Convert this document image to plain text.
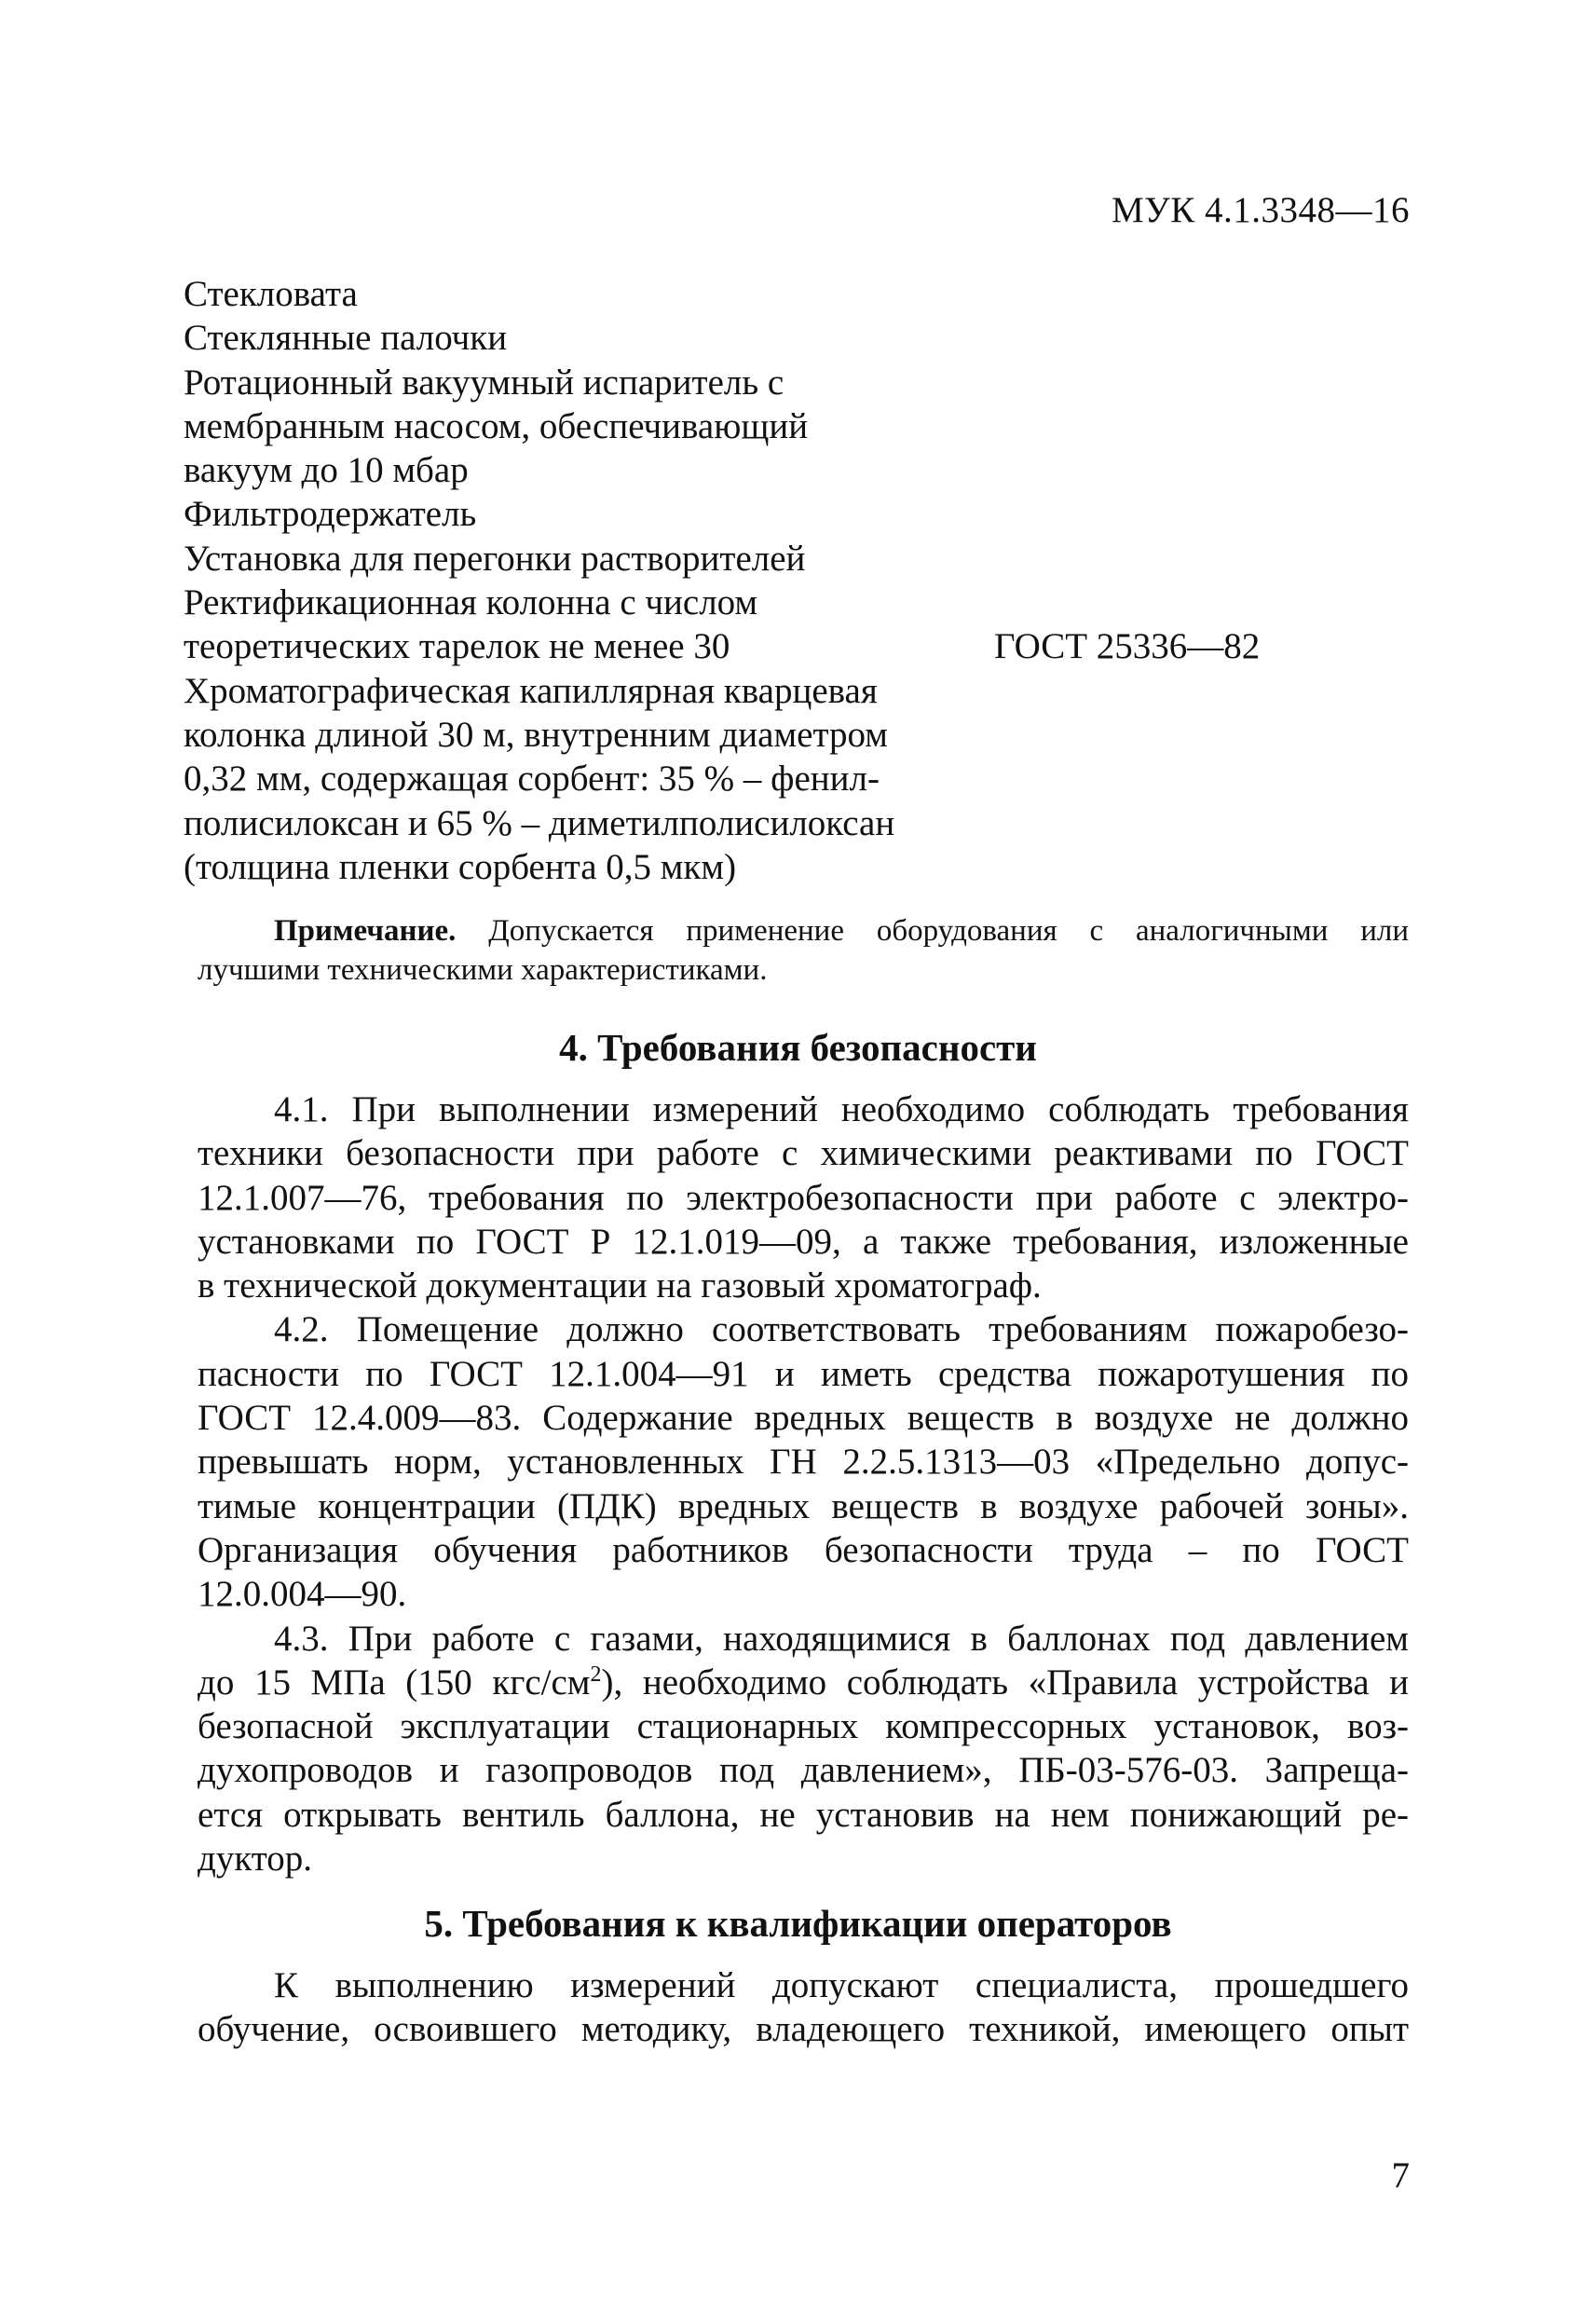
МУК 4.1.3348—16
Стекловата
Стеклянные палочки
Ротационный вакуумный испаритель с
мембранным насосом, обеспечивающий
вакуум до 10 мбар
Фильтродержатель
Установка для перегонки растворителей
Ректификационная колонна с числом
теоретических тарелок не менее 30	ГОСТ 25336—82
Хроматографическая капиллярная кварцевая
колонка длиной 30 м, внутренним диаметром
0,32 мм, содержащая сорбент: 35 % – фенил-
полисилоксан и 65 % – диметилполисилоксан
(толщина пленки сорбента 0,5 мкм)
Примечание. Допускается применение оборудования с аналогичными или
лучшими техническими характеристиками.
4. Требования безопасности
4.1. При выполнении измерений необходимо соблюдать требования
техники безопасности при работе с химическими реактивами по ГОСТ
12.1.007—76, требования по электробезопасности при работе с электро-
установками по ГОСТ Р 12.1.019—09, а также требования, изложенные
в технической документации на газовый хроматограф.
4.2. Помещение должно соответствовать требованиям пожаробезо-
пасности по ГОСТ 12.1.004—91 и иметь средства пожаротушения по
ГОСТ 12.4.009—83. Содержание вредных веществ в воздухе не должно
превышать норм, установленных ГН 2.2.5.1313—03 «Предельно допус-
тимые концентрации (ПДК) вредных веществ в воздухе рабочей зоны».
Организация обучения работников безопасности труда – по ГОСТ
12.0.004—90.
4.3. При работе с газами, находящимися в баллонах под давлением
до 15 МПа (150 кгс/$см^2$), необходимо соблюдать «Правила устройства и
безопасной эксплуатации стационарных компрессорных установок, воз-
духопроводов и газопроводов под давлением», ПБ-03-576-03. Запреща-
ется открывать вентиль баллона, не установив на нем понижающий ре-
дуктор.
5. Требования к квалификации операторов
К выполнению измерений допускают специалиста, прошедшего
обучение, освоившего методику, владеющего техникой, имеющего опыт
7
